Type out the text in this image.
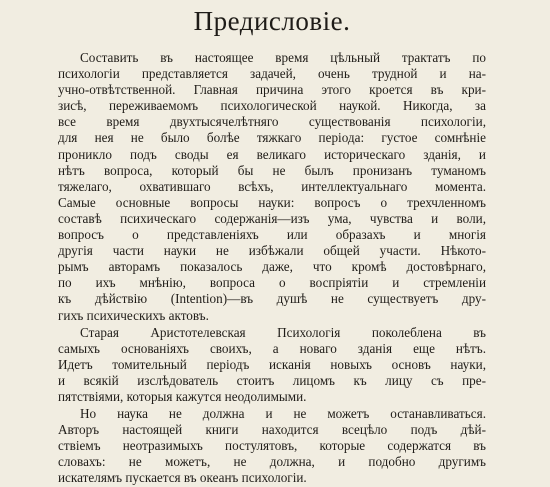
Предисловіе.
Составить въ настоящее время цѣльный трактатъ по
психологіи представляется задачей, очень трудной и на-
учно-отвѣтственной. Главная причина этого кроется въ кри-
зисѣ, переживаемомъ психологической наукой. Никогда, за
все время двухтысячелѣтняго существованія психологіи,
для нея не было болѣе тяжкаго періода: густое сомнѣніе
проникло подъ своды ея великаго историческаго зданія, и
нѣтъ вопроса, который бы не былъ пронизанъ туманомъ
тяжелаго, охватившаго всѣхъ, интеллектуальнаго момента.
Самые основные вопросы науки: вопросъ о трехчленномъ
составѣ психическаго содержанія—изъ ума, чувства и воли,
вопросъ о представленіяхъ или образахъ и многія
другія части науки не избѣжали общей участи. Нѣкото-
рымъ авторамъ показалось даже, что кромѣ достовѣрнаго,
по ихъ мнѣнію, вопроса о воспріятіи и стремленіи
къ дѣйствію (Intention)—въ душѣ не существуетъ дру-
гихъ психическихъ актовъ.
Старая Аристотелевская Психологія поколеблена въ
самыхъ основаніяхъ своихъ, а новаго зданія еще нѣтъ.
Идетъ томительный періодъ исканія новыхъ основъ науки,
и всякій изслѣдователь стоитъ лицомъ къ лицу съ пре-
пятствіями, которыя кажутся неодолимыми.
Но наука не должна и не можетъ останавливаться.
Авторъ настоящей книги находится всецѣло подъ дѣй-
ствіемъ неотразимыхъ постулятовъ, которые содержатся въ
словахъ: не можетъ, не должна, и подобно другимъ
искателямъ пускается въ океанъ психологіи.
